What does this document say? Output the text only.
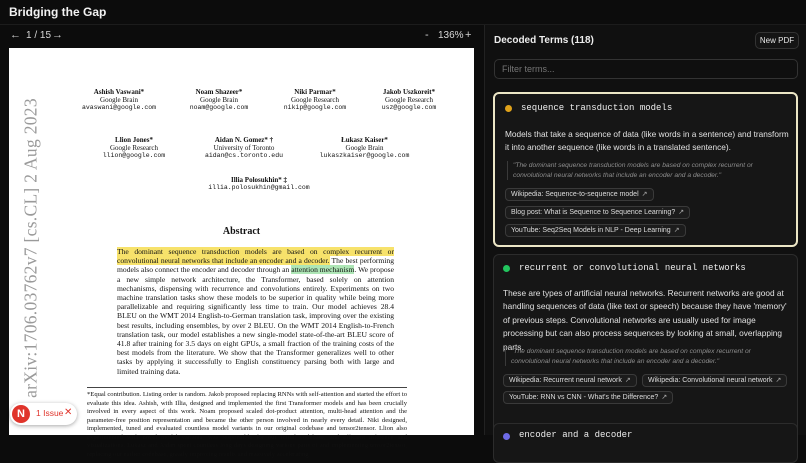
Bridging the Gap
← 1 / 15 →	- 136% +
arXiv:1706.03762v7 [cs.CL] 2 Aug 2023
Ashish Vaswani*
Google Brain
avaswani@google.com
Noam Shazeer*
Google Brain
noam@google.com
Niki Parmar*
Google Research
nikip@google.com
Jakob Uszkoreit*
Google Research
usz@google.com
Llion Jones*
Google Research
llion@google.com
Aidan N. Gomez* †
University of Toronto
aidan@cs.toronto.edu
Łukasz Kaiser*
Google Brain
lukaszkaiser@google.com
Illia Polosukhin* ‡
illia.polosukhin@gmail.com
Abstract
The dominant sequence transduction models are based on complex recurrent or convolutional neural networks that include an encoder and a decoder. The best performing models also connect the encoder and decoder through an attention mechanism. We propose a new simple network architecture, the Transformer, based solely on attention mechanisms, dispensing with recurrence and convolutions entirely. Experiments on two machine translation tasks show these models to be superior in quality while being more parallelizable and requiring significantly less time to train. Our model achieves 28.4 BLEU on the WMT 2014 English-to-German translation task, improving over the existing best results, including ensembles, by over 2 BLEU. On the WMT 2014 English-to-French translation task, our model establishes a new single-model state-of-the-art BLEU score of 41.8 after training for 3.5 days on eight GPUs, a small fraction of the training costs of the best models from the literature. We show that the Transformer generalizes well to other tasks by applying it successfully to English constituency parsing both with large and limited training data.
*Equal contribution. Listing order is random. Jakob proposed replacing RNNs with self-attention and started the effort to evaluate this idea. Ashish, with Illia, designed and implemented the first Transformer models and has been crucially involved in every aspect of this work. Noam proposed scaled dot-product attention, multi-head attention and the parameter-free position representation and became the other person involved in nearly every detail. Niki designed, implemented, tuned and evaluated countless model variants in our original codebase and tensor2tensor. Llion also experimented with novel model variants, was responsible for our initial codebase, and efficient inference and visualizations. Lukasz and Aidan spent countless long days designing various parts of and implementing tensor2tensor, replacing our earlier codebase, greatly improving results and massively accelerating
N	1 Issue ✕
Decoded Terms (118)	New PDF
Filter terms...
sequence transduction models
Models that take a sequence of data (like words in a sentence) and transform it into another sequence (like words in a translated sentence).
"The dominant sequence transduction models are based on complex recurrent or convolutional neural networks that include an encoder and a decoder."
Wikipedia: Sequence-to-sequence model ↗
Blog post: What is Sequence to Sequence Learning? ↗
YouTube: Seq2Seq Models in NLP - Deep Learning ↗
recurrent or convolutional neural networks
These are types of artificial neural networks. Recurrent networks are good at handling sequences of data (like text or speech) because they have 'memory' of previous steps. Convolutional networks are usually used for image processing but can also process sequences by looking at small, overlapping parts.
"The dominant sequence transduction models are based on complex recurrent or convolutional neural networks that include an encoder and a decoder."
Wikipedia: Recurrent neural network ↗	Wikipedia: Convolutional neural network ↗
YouTube: RNN vs CNN - What's the Difference? ↗
encoder and a decoder
